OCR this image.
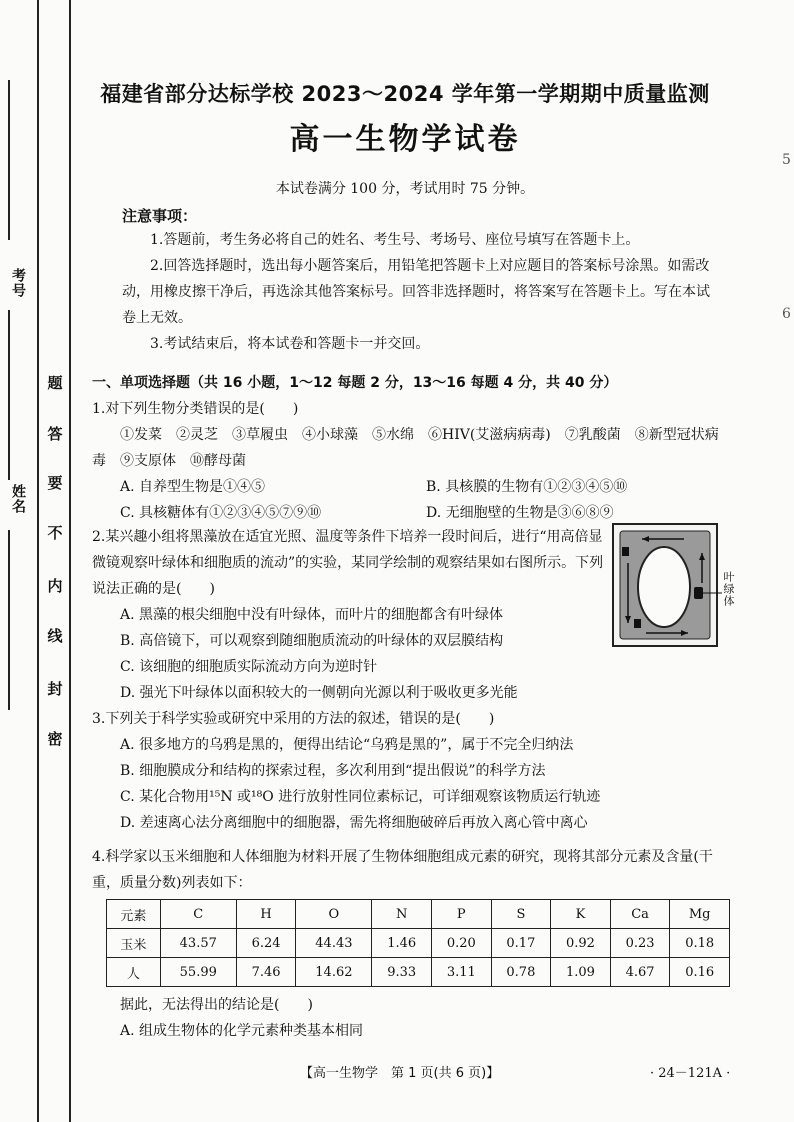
考号
姓名
题
答
要
不
内
线
封
密
5
6
福建省部分达标学校 2023～2024 学年第一学期期中质量监测
高一生物学试卷
本试卷满分 100 分，考试用时 75 分钟。
注意事项：

1.答题前，考生务必将自己的姓名、考生号、考场号、座位号填写在答题卡上。

2.回答选择题时，选出每小题答案后，用铅笔把答题卡上对应题目的答案标号涂黑。如需改动，用橡皮擦干净后，再选涂其他答案标号。回答非选择题时，将答案写在答题卡上。写在本试卷上无效。

3.考试结束后，将本试卷和答题卡一并交回。

一、单项选择题（共 16 小题，1～12 每题 2 分，13～16 每题 4 分，共 40 分）

1.对下列生物分类错误的是(　　)

①发菜　②灵芝　③草履虫　④小球藻　⑤水绵　⑥HIV(艾滋病病毒)　⑦乳酸菌　⑧新型冠状病毒　⑨支原体　⑩酵母菌

A. 自养型生物是①④⑤	B. 具核膜的生物有①②③④⑤⑩
C. 具核糖体有①②③④⑤⑦⑨⑩	D. 无细胞壁的生物是③⑥⑧⑨

2.某兴趣小组将黑藻放在适宜光照、温度等条件下培养一段时间后，进行“用高倍显微镜观察叶绿体和细胞质的流动”的实验，某同学绘制的观察结果如右图所示。下列说法正确的是(　　)

A. 黑藻的根尖细胞中没有叶绿体，而叶片的细胞都含有叶绿体

B. 高倍镜下，可以观察到随细胞质流动的叶绿体的双层膜结构

C. 该细胞的细胞质实际流动方向为逆时针

D. 强光下叶绿体以面积较大的一侧朝向光源以利于吸收更多光能

叶绿体

3.下列关于科学实验或研究中采用的方法的叙述，错误的是(　　)

A. 很多地方的乌鸦是黑的，便得出结论“乌鸦是黑的”，属于不完全归纳法

B. 细胞膜成分和结构的探索过程，多次利用到“提出假说”的科学方法

C. 某化合物用¹⁵N 或¹⁸O 进行放射性同位素标记，可详细观察该物质运行轨迹

D. 差速离心法分离细胞中的细胞器，需先将细胞破碎后再放入离心管中离心

4.科学家以玉米细胞和人体细胞为材料开展了生物体细胞组成元素的研究，现将其部分元素及含量(干重，质量分数)列表如下：

元素	C	H	O	N	P	S	K	Ca	Mg
玉米	43.57	6.24	44.43	1.46	0.20	0.17	0.92	0.23	0.18
人	55.99	7.46	14.62	9.33	3.11	0.78	1.09	4.67	0.16

据此，无法得出的结论是(　　)

A. 组成生物体的化学元素种类基本相同

【高一生物学　第 1 页(共 6 页)】	· 24－121A ·
